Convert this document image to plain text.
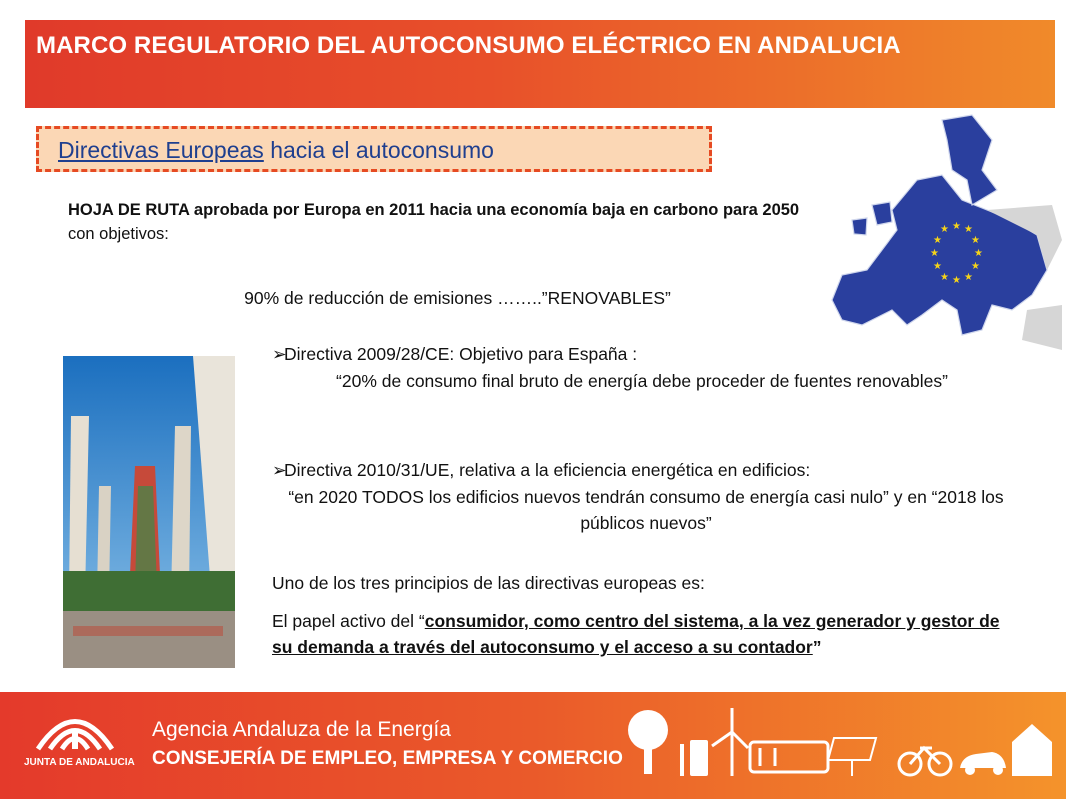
MARCO REGULATORIO DEL AUTOCONSUMO ELÉCTRICO EN ANDALUCIA
Directivas Europeas hacia el autoconsumo
★ ★ ★
★
★
★
★
★
★
★
★
★
HOJA DE RUTA aprobada por Europa en 2011 hacia una economía baja en carbono para 2050 con objetivos:
90% de reducción de emisiones ……..”RENOVABLES”
➢Directiva 2009/28/CE: Objetivo para España :
“20% de consumo final bruto de energía debe proceder de fuentes renovables”
➢Directiva 2010/31/UE, relativa a la eficiencia energética en edificios:
“en 2020 TODOS los edificios nuevos tendrán consumo de energía casi nulo” y en “2018 los públicos nuevos”
Uno de los tres principios de las directivas europeas es:
El papel activo del “consumidor, como centro del sistema, a la vez generador y gestor de su demanda a través del autoconsumo y el acceso a su contador”
JUNTA DE ANDALUCIA
Agencia Andaluza de la Energía
CONSEJERÍA DE EMPLEO, EMPRESA Y COMERCIO
